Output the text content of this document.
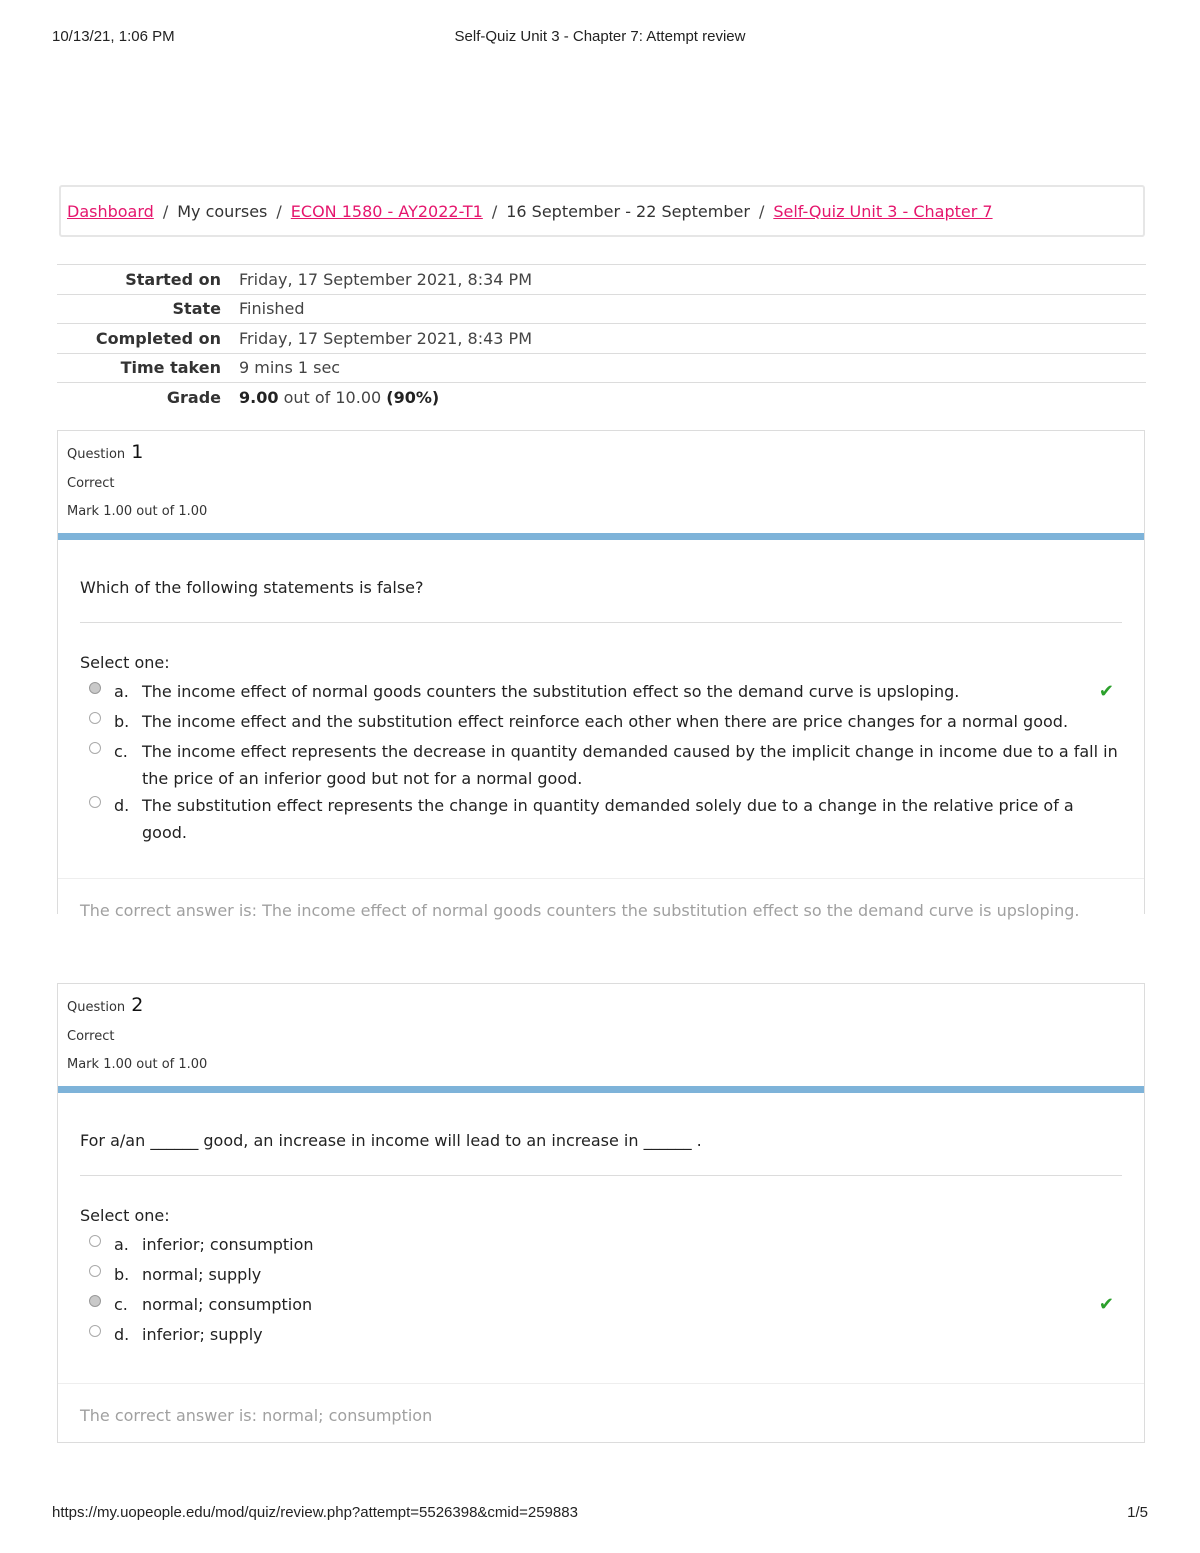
10/13/21, 1:06 PM	Self-Quiz Unit 3 - Chapter 7: Attempt review
Dashboard / My courses / ECON 1580 - AY2022-T1 / 16 September - 22 September / Self-Quiz Unit 3 - Chapter 7
Started on	Friday, 17 September 2021, 8:34 PM
State	Finished
Completed on	Friday, 17 September 2021, 8:43 PM
Time taken	9 mins 1 sec
Grade	9.00 out of 10.00 (90%)
Question 1
Correct
Mark 1.00 out of 1.00
Which of the following statements is false?
Select one:
a. The income effect of normal goods counters the substitution effect so the demand curve is upsloping.	✔
b. The income effect and the substitution effect reinforce each other when there are price changes for a normal good.
c. The income effect represents the decrease in quantity demanded caused by the implicit change in income due to a fall in the price of an inferior good but not for a normal good.
d. The substitution effect represents the change in quantity demanded solely due to a change in the relative price of a good.
The correct answer is: The income effect of normal goods counters the substitution effect so the demand curve is upsloping.
Question 2
Correct
Mark 1.00 out of 1.00
For a/an ______ good, an increase in income will lead to an increase in ______ .
Select one:
a. inferior; consumption
b. normal; supply
c. normal; consumption	✔
d. inferior; supply
The correct answer is: normal; consumption
https://my.uopeople.edu/mod/quiz/review.php?attempt=5526398&cmid=259883	1/5
